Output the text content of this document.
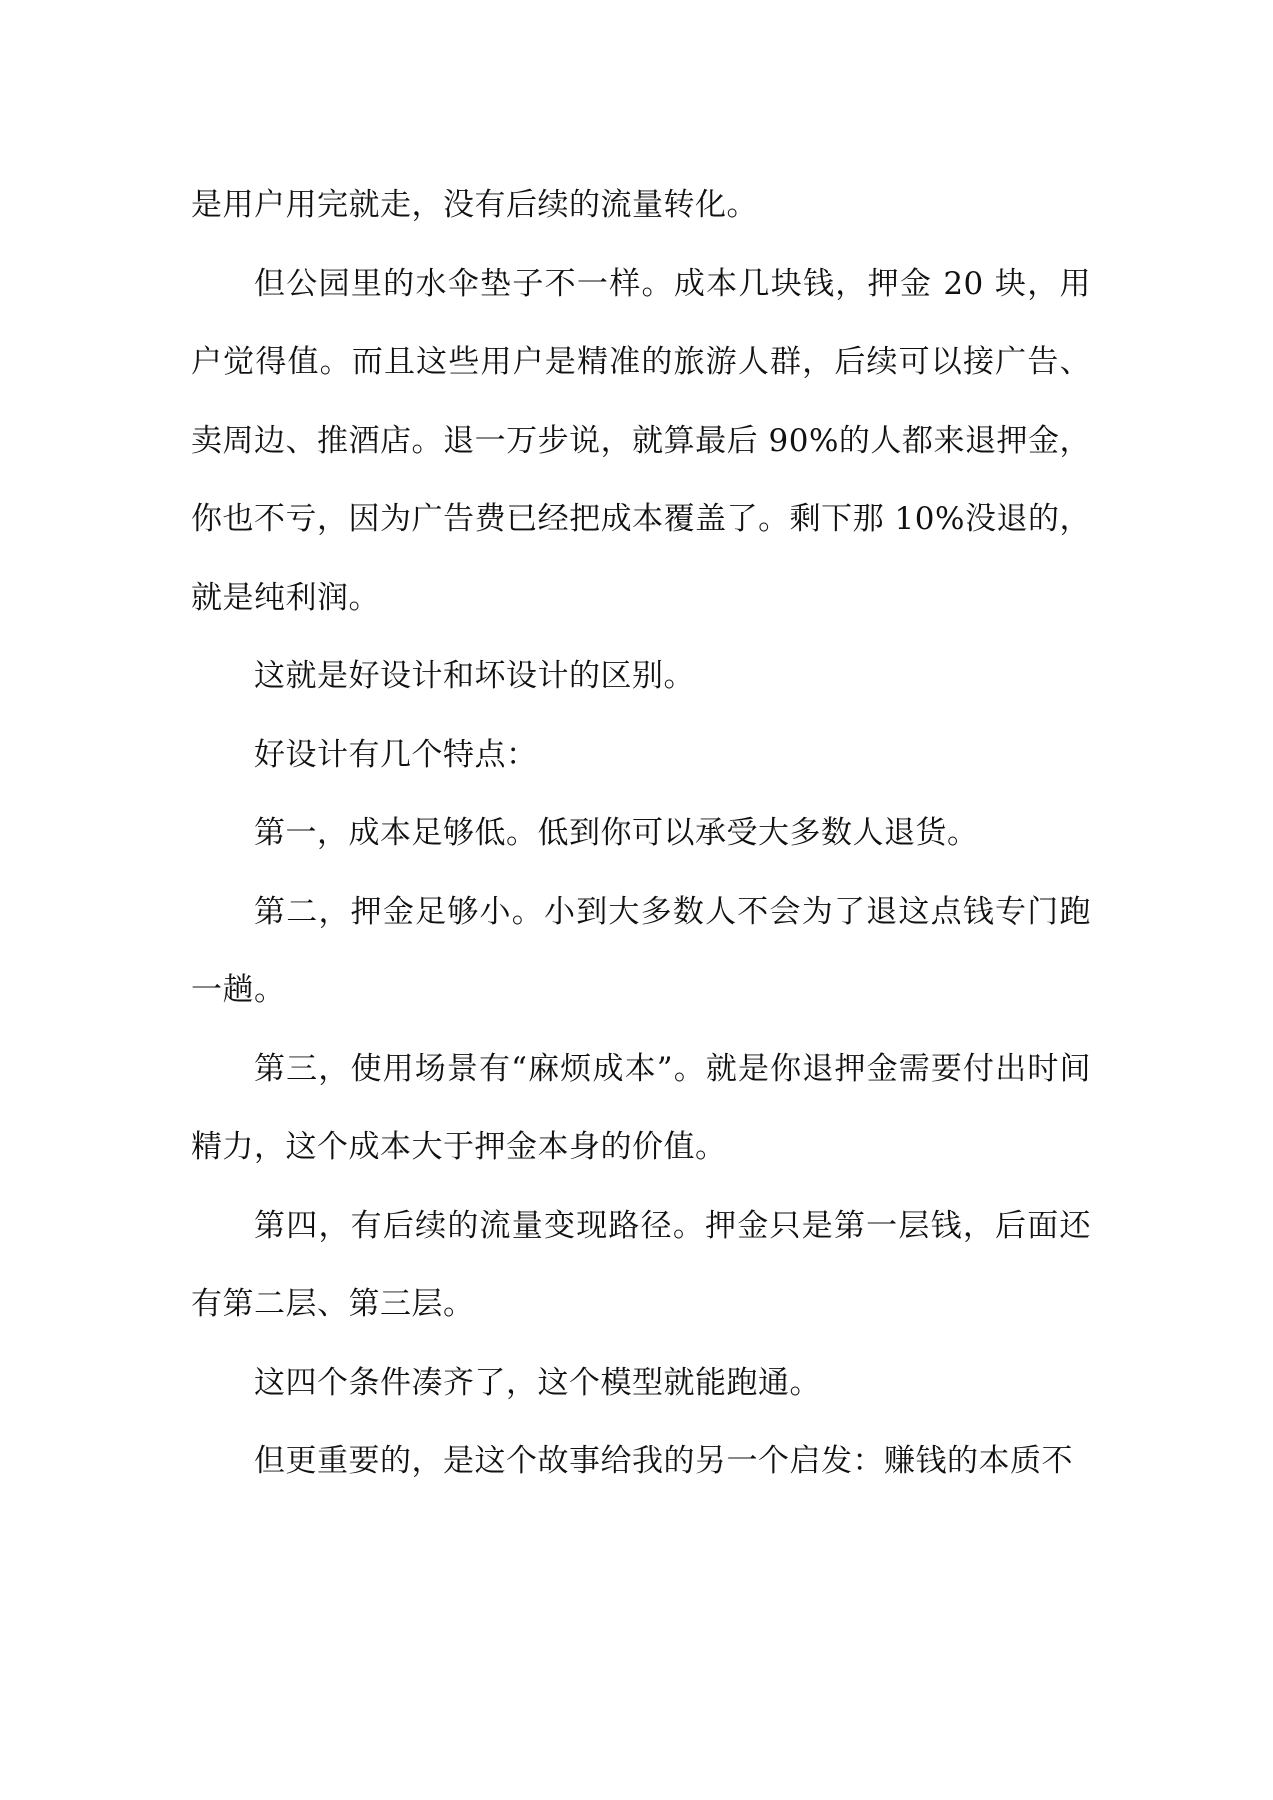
是用户用完就走，没有后续的流量转化。

但公园里的水伞垫子不一样。成本几块钱，押金 20 块，用户觉得值。而且这些用户是精准的旅游人群，后续可以接广告、卖周边、推酒店。退一万步说，就算最后 90%的人都来退押金，你也不亏，因为广告费已经把成本覆盖了。剩下那 10%没退的，就是纯利润。

这就是好设计和坏设计的区别。

好设计有几个特点：

第一，成本足够低。低到你可以承受大多数人退货。

第二，押金足够小。小到大多数人不会为了退这点钱专门跑一趟。

第三，使用场景有“麻烦成本”。就是你退押金需要付出时间精力，这个成本大于押金本身的价值。

第四，有后续的流量变现路径。押金只是第一层钱，后面还有第二层、第三层。

这四个条件凑齐了，这个模型就能跑通。

但更重要的，是这个故事给我的另一个启发：赚钱的本质不
